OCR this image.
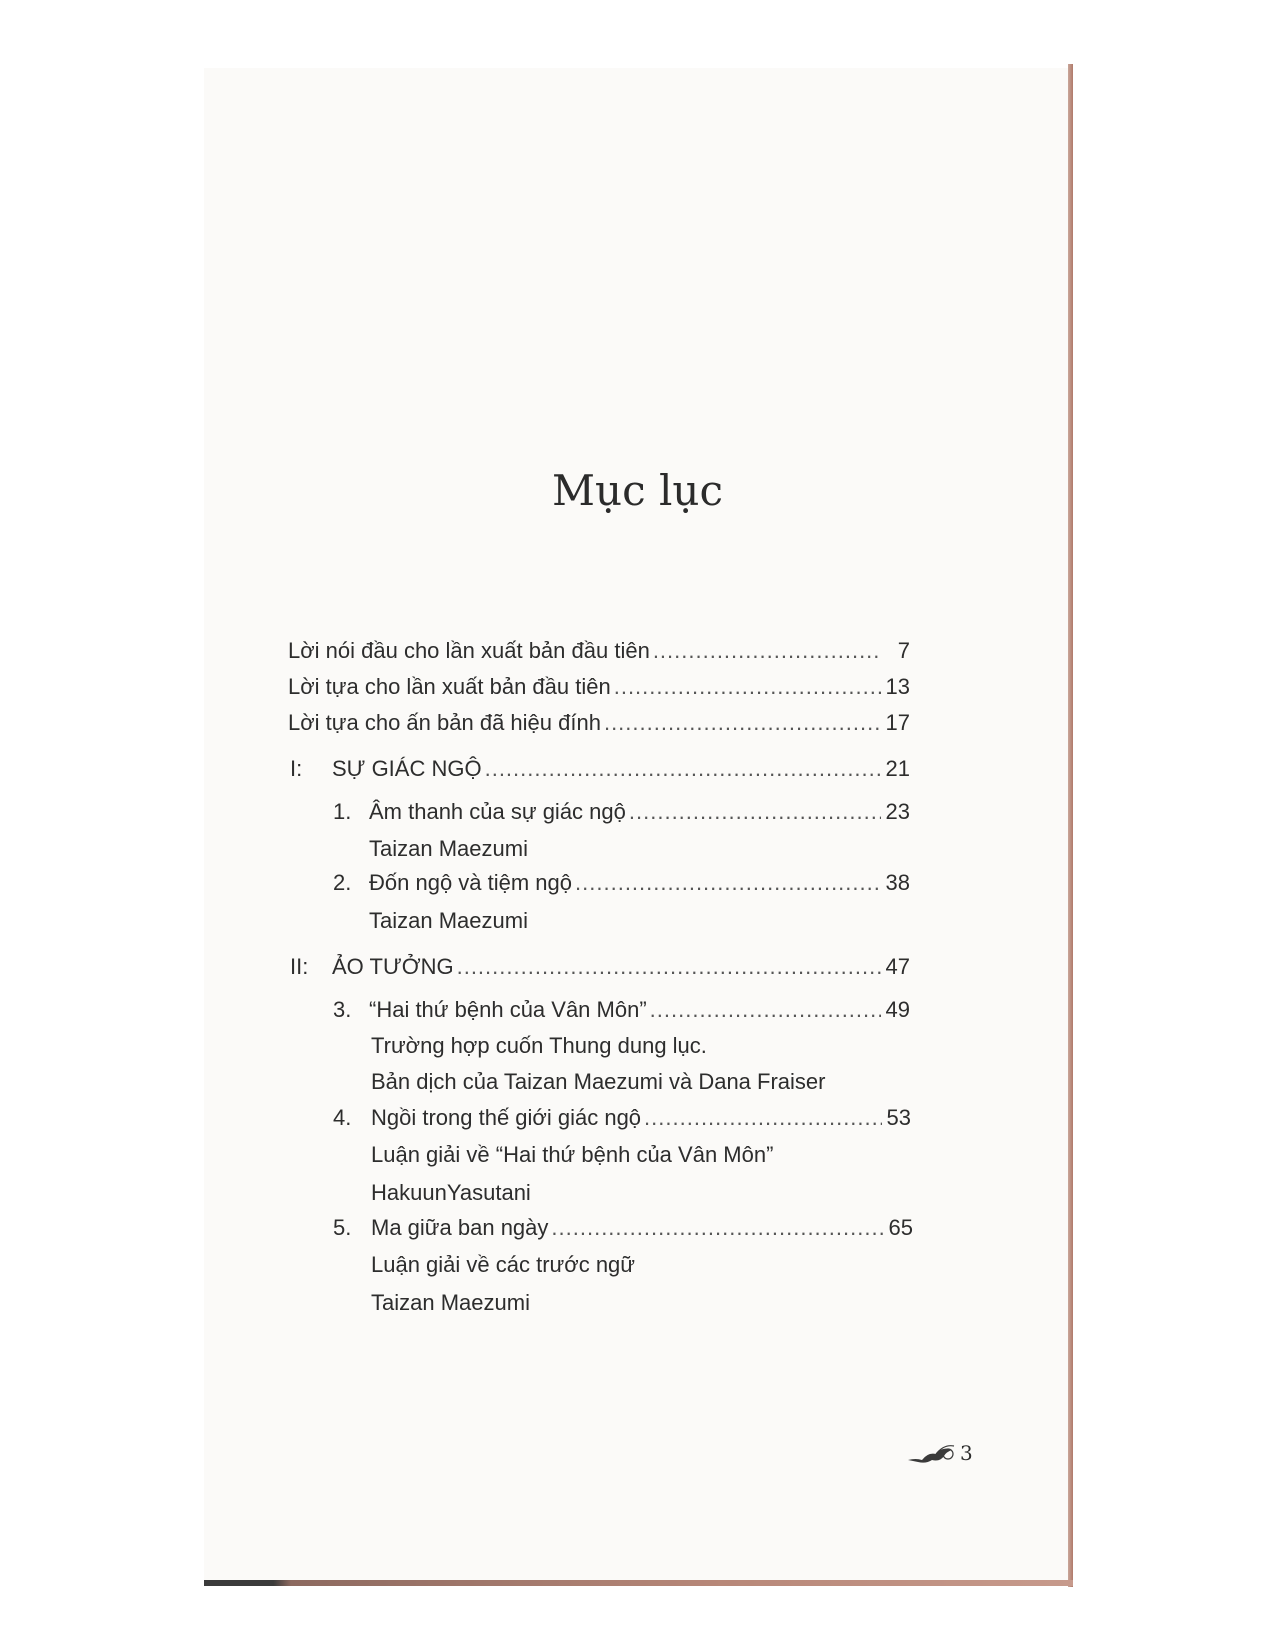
Mục lục
Lời nói đầu cho lần xuất bản đầu tiên .....	7
Lời tựa cho lần xuất bản đầu tiên .....	13
Lời tựa cho ấn bản đã hiệu đính .....	17
I:	SỰ GIÁC NGỘ .....	21
1. Âm thanh của sự giác ngộ .....	23
Taizan Maezumi
2. Đốn ngộ và tiệm ngộ .....	38
Taizan Maezumi
II:	ẢO TƯỞNG .....	47
3. “Hai thứ bệnh của Vân Môn” .....	49
Trường hợp cuốn Thung dung lục.
Bản dịch của Taizan Maezumi và Dana Fraiser
4. Ngồi trong thế giới giác ngộ .....	53
Luận giải về “Hai thứ bệnh của Vân Môn”
HakuunYasutani
5. Ma giữa ban ngày .....	65
Luận giải về các trước ngữ
Taizan Maezumi
3
